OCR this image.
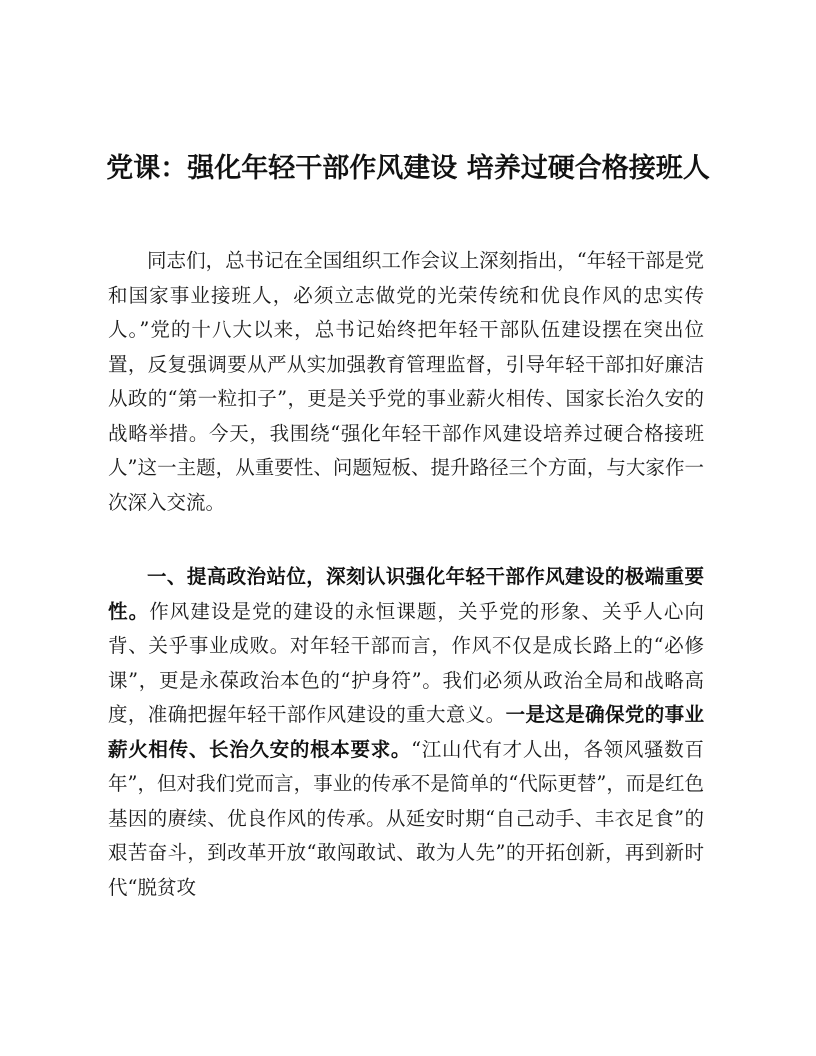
党课：强化年轻干部作风建设 培养过硬合格接班人

同志们，总书记在全国组织工作会议上深刻指出，“年轻干部是党和国家事业接班人，必须立志做党的光荣传统和优良作风的忠实传人。”党的十八大以来，总书记始终把年轻干部队伍建设摆在突出位置，反复强调要从严从实加强教育管理监督，引导年轻干部扣好廉洁从政的“第一粒扣子”，更是关乎党的事业薪火相传、国家长治久安的战略举措。今天，我围绕“强化年轻干部作风建设培养过硬合格接班人”这一主题，从重要性、问题短板、提升路径三个方面，与大家作一次深入交流。

一、提高政治站位，深刻认识强化年轻干部作风建设的极端重要性。作风建设是党的建设的永恒课题，关乎党的形象、关乎人心向背、关乎事业成败。对年轻干部而言，作风不仅是成长路上的“必修课”，更是永葆政治本色的“护身符”。我们必须从政治全局和战略高度，准确把握年轻干部作风建设的重大意义。一是这是确保党的事业薪火相传、长治久安的根本要求。“江山代有才人出，各领风骚数百年”，但对我们党而言，事业的传承不是简单的“代际更替”，而是红色基因的赓续、优良作风的传承。从延安时期“自己动手、丰衣足食”的艰苦奋斗，到改革开放“敢闯敢试、敢为人先”的开拓创新，再到新时代“脱贫攻
